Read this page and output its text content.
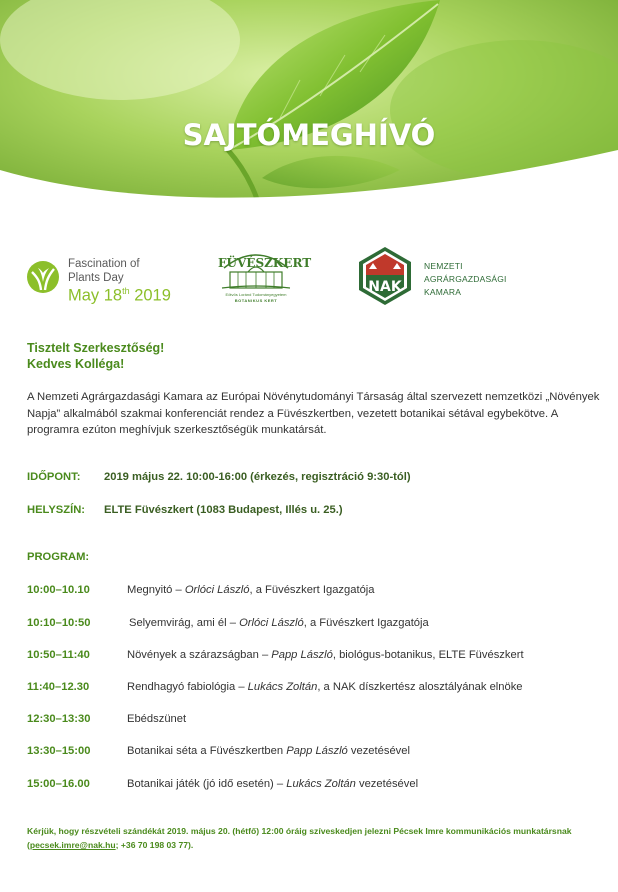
SAJTÓMEGHÍVÓ
Fascination of
Plants Day
May 18th 2019
FÜVÉSZKERT
Eötvös Loránd Tudományegyetem
BOTANIKUS KERT
NAK
NEMZETI
AGRÁRGAZDASÁGI
KAMARA
Tisztelt Szerkesztőség!
Kedves Kolléga!
A Nemzeti Agrárgazdasági Kamara az Európai Növénytudományi Társaság által szervezett nemzetközi „Növények Napja” alkalmából szakmai konferenciát rendez a Füvészkertben, vezetett botanikai sétával egybekötve. A programra ezúton meghívjuk szerkesztőségük munkatársát.
IDŐPONT: 2019 május 22. 10:00-16:00 (érkezés, regisztráció 9:30-tól)
HELYSZÍN: ELTE Füvészkert (1083 Budapest, Illés u. 25.)
PROGRAM:
10:00–10.10	Megnyitó – Orlóci László, a Füvészkert Igazgatója
10:10–10:50	Selyemvirág, ami él – Orlóci László, a Füvészkert Igazgatója
10:50–11:40	Növények a szárazságban – Papp László, biológus-botanikus, ELTE Füvészkert
11:40–12.30	Rendhagyó fabiológia – Lukács Zoltán, a NAK díszkertész alosztályának elnöke
12:30–13:30	Ebédszünet
13:30–15:00	Botanikai séta a Füvészkertben Papp László vezetésével
15:00–16.00	Botanikai játék (jó idő esetén) – Lukács Zoltán vezetésével
Kérjük, hogy részvételi szándékát 2019. május 20. (hétfő) 12:00 óráig szíveskedjen jelezni Pécsek Imre kommunikációs munkatársnak (pecsek.imre@nak.hu; +36 70 198 03 77).
